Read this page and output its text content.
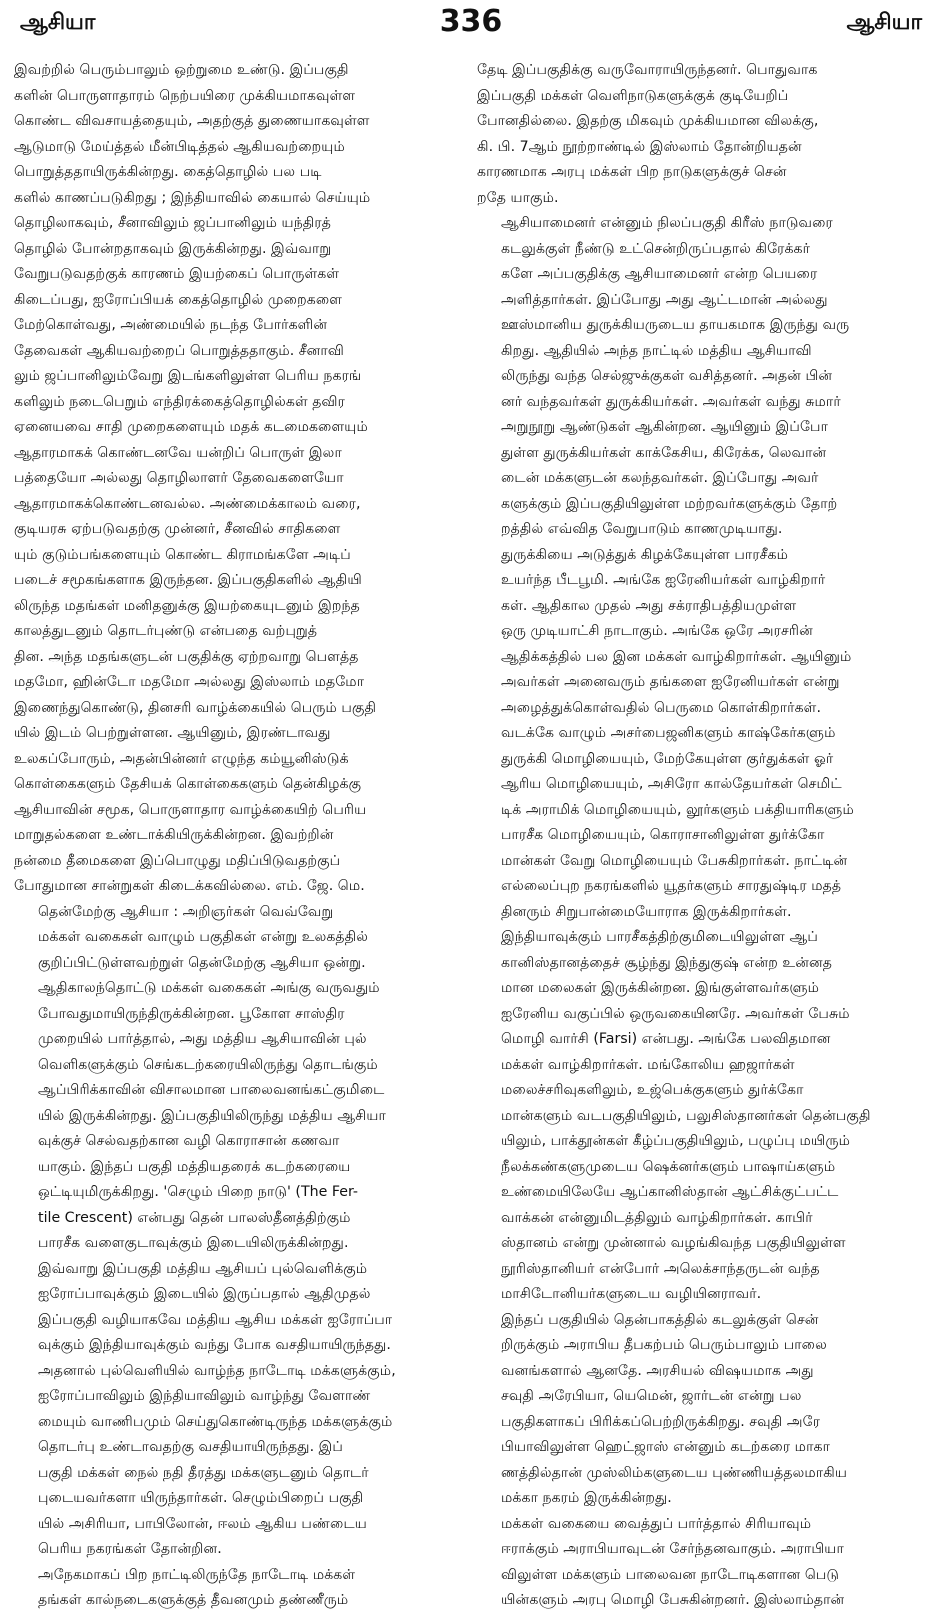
ஆசியா	336	ஆசியா

இவற்றில் பெரும்பாலும் ஒற்றுமை உண்டு. இப்பகுதி
களின் பொருளாதாரம் நெற்பயிரை முக்கியமாகவுள்ள
கொண்ட விவசாயத்தையும், அதற்குத் துணையாகவுள்ள
ஆடுமாடு மேய்த்தல் மீன்பிடித்தல் ஆகியவற்றையும்
பொறுத்ததாயிருக்கின்றது. கைத்தொழில் பல படி
களில் காணப்படுகிறது ; இந்தியாவில் கையால் செய்யும்
தொழிலாகவும், சீனாவிலும் ஜப்பானிலும் யந்திரத்
தொழில் போன்றதாகவும் இருக்கின்றது. இவ்வாறு
வேறுபடுவதற்குக் காரணம் இயற்கைப் பொருள்கள்
கிடைப்பது, ஐரோப்பியக் கைத்தொழில் முறைகளை
மேற்கொள்வது, அண்மையில் நடந்த போர்களின்
தேவைகள் ஆகியவற்றைப் பொறுத்ததாகும். சீனாவி
லும் ஜப்பானிலும்வேறு இடங்களிலுள்ள பெரிய நகரங்
களிலும் நடைபெறும் எந்திரக்கைத்தொழில்கள் தவிர
ஏனையவை சாதி முறைகளையும் மதக் கடமைகளையும்
ஆதாரமாகக் கொண்டனவே யன்றிப் பொருள் இலா
பத்தையோ அல்லது தொழிலாளர் தேவைகளையோ
ஆதாரமாகக்கொண்டனவல்ல. அண்மைக்காலம் வரை,
குடியரசு ஏற்படுவதற்கு முன்னர், சீனவில் சாதிகளை
யும் குடும்பங்களையும் கொண்ட கிராமங்களே அடிப்
படைச் சமூகங்களாக இருந்தன. இப்பகுதிகளில் ஆதியி
லிருந்த மதங்கள் மனிதனுக்கு இயற்கையுடனும் இறந்த
காலத்துடனும் தொடர்புண்டு என்பதை வற்புறுத்
தின. அந்த மதங்களுடன் பகுதிக்கு ஏற்றவாறு பௌத்த
மதமோ, ஹின்டோ மதமோ அல்லது இஸ்லாம் மதமோ
இணைந்துகொண்டு, தினசரி வாழ்க்கையில் பெரும் பகுதி
யில் இடம் பெற்றுள்ளன. ஆயினும், இரண்டாவது
உலகப்போரும், அதன்பின்னர் எழுந்த கம்யூனிஸ்டுக்
கொள்கைகளும் தேசியக் கொள்கைகளும் தென்கிழக்கு
ஆசியாவின் சமூக, பொருளாதார வாழ்க்கையிற் பெரிய
மாறுதல்களை உண்டாக்கியிருக்கின்றன. இவற்றின்
நன்மை தீமைகளை இப்பொழுது மதிப்பிடுவதற்குப்
போதுமான சான்றுகள் கிடைக்கவில்லை. எம். ஜே. மெ.

தென்மேற்கு ஆசியா : அறிஞர்கள் வெவ்வேறு
மக்கள் வகைகள் வாழும் பகுதிகள் என்று உலகத்தில்
குறிப்பிட்டுள்ளவற்றுள் தென்மேற்கு ஆசியா ஒன்று.
ஆதிகாலந்தொட்டு மக்கள் வகைகள் அங்கு வருவதும்
போவதுமாயிருந்திருக்கின்றன. பூகோள சாஸ்திர
முறையில் பார்த்தால், அது மத்திய ஆசியாவின் புல்
வெளிகளுக்கும் செங்கடற்கரையிலிருந்து தொடங்கும்
ஆப்பிரிக்காவின் விசாலமான பாலைவனங்கட்குமிடை
யில் இருக்கின்றது. இப்பகுதியிலிருந்து மத்திய ஆசியா
வுக்குச் செல்வதற்கான வழி கொராசான் கணவா
யாகும். இந்தப் பகுதி மத்தியதரைக் கடற்கரையை
ஒட்டியுமிருக்கிறது. 'செழும் பிறை நாடு' (The Fer-
tile Crescent) என்பது தென் பாலஸ்தீனத்திற்கும்
பாரசீக வளைகுடாவுக்கும் இடையிலிருக்கின்றது.

இவ்வாறு இப்பகுதி மத்திய ஆசியப் புல்வெளிக்கும்
ஐரோப்பாவுக்கும் இடையில் இருப்பதால் ஆதிமுதல்
இப்பகுதி வழியாகவே மத்திய ஆசிய மக்கள் ஐரோப்பா
வுக்கும் இந்தியாவுக்கும் வந்து போக வசதியாயிருந்தது.
அதனால் புல்வெளியில் வாழ்ந்த நாடோடி மக்களுக்கும்,
ஐரோப்பாவிலும் இந்தியாவிலும் வாழ்ந்து வேளாண்
மையும் வாணிபமும் செய்துகொண்டிருந்த மக்களுக்கும்
தொடர்பு உண்டாவதற்கு வசதியாயிருந்தது. இப்
பகுதி மக்கள் நைல் நதி தீரத்து மக்களுடனும் தொடர்
புடையவர்களா யிருந்தார்கள். செழும்பிறைப் பகுதி
யில் அசிரியா, பாபிலோன், ஈலம் ஆகிய பண்டைய
பெரிய நகரங்கள் தோன்றின.

அநேகமாகப் பிற நாட்டிலிருந்தே நாடோடி மக்கள்
தங்கள் கால்நடைகளுக்குத் தீவனமும் தண்ணீரும்

தேடி இப்பகுதிக்கு வருவோராயிருந்தனர். பொதுவாக
இப்பகுதி மக்கள் வெளிநாடுகளுக்குக் குடியேறிப்
போனதில்லை. இதற்கு மிகவும் முக்கியமான விலக்கு,
கி. பி. 7ஆம் நூற்றாண்டில் இஸ்லாம் தோன்றியதன்
காரணமாக அரபு மக்கள் பிற நாடுகளுக்குச் சென்
றதே யாகும்.

ஆசியாமைனர் என்னும் நிலப்பகுதி கிரீஸ் நாடுவரை
கடலுக்குள் நீண்டு உட்சென்றிருப்பதால் கிரேக்கர்
களே அப்பகுதிக்கு ஆசியாமைனர் என்ற பெயரை
அளித்தார்கள். இப்போது அது ஆட்டமான் அல்லது
ஊஸ்மானிய துருக்கியருடைய தாயகமாக இருந்து வரு
கிறது. ஆதியில் அந்த நாட்டில் மத்திய ஆசியாவி
லிருந்து வந்த செல்ஜுக்குகள் வசித்தனர். அதன் பின்
னர் வந்தவர்கள் துருக்கியர்கள். அவர்கள் வந்து சுமார்
அறுநூறு ஆண்டுகள் ஆகின்றன. ஆயினும் இப்போ
துள்ள துருக்கியர்கள் காக்கேசிய, கிரேக்க, லெவான்
டைன் மக்களுடன் கலந்தவர்கள். இப்போது அவர்
களுக்கும் இப்பகுதியிலுள்ள மற்றவர்களுக்கும் தோற்
றத்தில் எவ்வித வேறுபாடும் காணமுடியாது.

துருக்கியை அடுத்துக் கிழக்கேயுள்ள பாரசீகம்
உயர்ந்த பீடபூமி. அங்கே ஐரேனியர்கள் வாழ்கிறார்
கள். ஆதிகால முதல் அது சக்ராதிபத்தியமுள்ள
ஒரு முடியாட்சி நாடாகும். அங்கே ஒரே அரசரின்
ஆதிக்கத்தில் பல இன மக்கள் வாழ்கிறார்கள். ஆயினும்
அவர்கள் அனைவரும் தங்களை ஐரேனியர்கள் என்று
அழைத்துக்கொள்வதில் பெருமை கொள்கிறார்கள்.
வடக்கே வாழும் அசர்பைஜனிகளும் காஷ்கேர்களும்
துருக்கி மொழியையும், மேற்கேயுள்ள குர்துக்கள் ஓர்
ஆரிய மொழியையும், அசிரோ கால்தேயர்கள் செமிட்
டிக் அராமிக் மொழியையும், லூர்களும் பக்தியாரிகளும்
பாரசீக மொழியையும், கொராசானிலுள்ள துர்க்கோ
மான்கள் வேறு மொழியையும் பேசுகிறார்கள். நாட்டின்
எல்லைப்புற நகரங்களில் யூதர்களும் சாரதுஷ்டிர மதத்
தினரும் சிறுபான்மையோராக இருக்கிறார்கள்.

இந்தியாவுக்கும் பாரசீகத்திற்குமிடையிலுள்ள ஆப்
கானிஸ்தானத்தைச் சூழ்ந்து இந்துகுஷ் என்ற உன்னத
மான மலைகள் இருக்கின்றன. இங்குள்ளவர்களும்
ஐரேனிய வகுப்பில் ஒருவகையினரே. அவர்கள் பேசும்
மொழி வார்சி (Farsi) என்பது. அங்கே பலவிதமான
மக்கள் வாழ்கிறார்கள். மங்கோலிய ஹஜார்கள்
மலைச்சரிவுகளிலும், உஜ்பெக்குகளும் துர்க்கோ
மான்களும் வடபகுதியிலும், பலுசிஸ்தானர்கள் தென்பகுதி
யிலும், பாக்தூன்கள் கீழ்ப்பகுதியிலும், பழுப்பு மயிரும்
நீலக்கண்களுமுடைய ஷெக்னர்களும் பாஷாய்களும்
உண்மையிலேயே ஆப்கானிஸ்தான் ஆட்சிக்குட்பட்ட
வாக்கன் என்னுமிடத்திலும் வாழ்கிறார்கள். காபிர்
ஸ்தானம் என்று முன்னால் வழங்கிவந்த பகுதியிலுள்ள
நூரிஸ்தானியர் என்போர் அலெக்சாந்தருடன் வந்த
மாசிடோனியர்களுடைய வழியினராவர்.

இந்தப் பகுதியில் தென்பாகத்தில் கடலுக்குள் சென்
றிருக்கும் அராபிய தீபகற்பம் பெரும்பாலும் பாலை
வனங்களால் ஆனதே. அரசியல் விஷயமாக அது
சவுதி அரேபியா, யெமென், ஜார்டன் என்று பல
பகுதிகளாகப் பிரிக்கப்பெற்றிருக்கிறது. சவுதி அரே
பியாவிலுள்ள ஹெட்ஜாஸ் என்னும் கடற்கரை மாகா
ணத்தில்தான் முஸ்லிம்களுடைய புண்ணியத்தலமாகிய
மக்கா நகரம் இருக்கின்றது.

மக்கள் வகையை வைத்துப் பார்த்தால் சிரியாவும்
ஈராக்கும் அராபியாவுடன் சேர்ந்தனவாகும். அராபியா
விலுள்ள மக்களும் பாலைவன நாடோடிகளான பெடு
யின்களும் அரபு மொழி பேசுகின்றனர். இஸ்லாம்தான்
